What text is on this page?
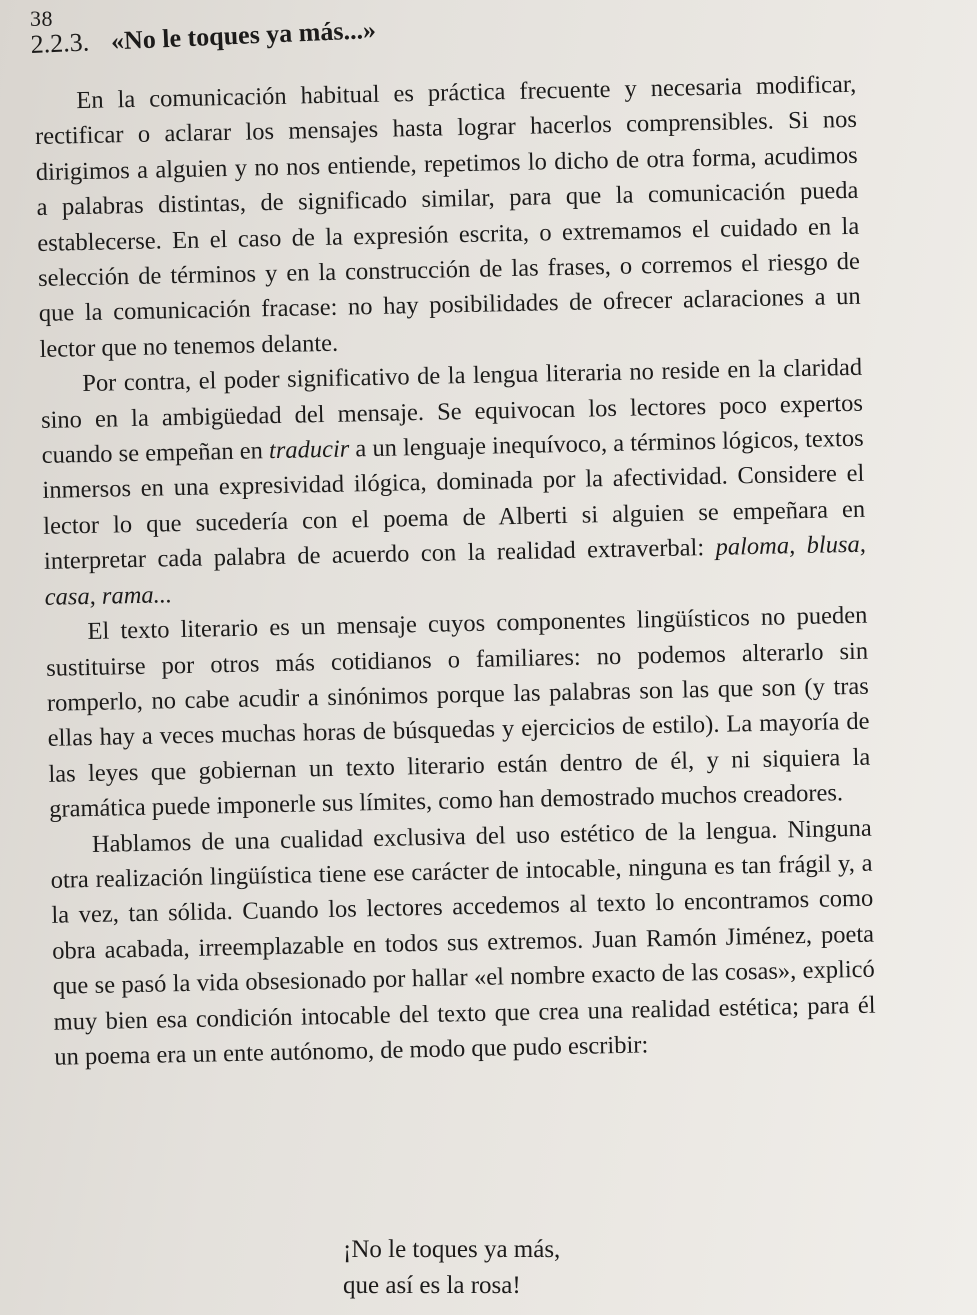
38
2.2.3. «No le toques ya más...»

En la comunicación habitual es práctica frecuente y necesaria modificar, rectificar o aclarar los mensajes hasta lograr hacerlos comprensibles. Si nos dirigimos a alguien y no nos entiende, repetimos lo dicho de otra forma, acudimos a palabras distintas, de significado similar, para que la comunicación pueda establecerse. En el caso de la expresión escrita, o extremamos el cuidado en la selección de términos y en la construcción de las frases, o corremos el riesgo de que la comunicación fracase: no hay posibilidades de ofrecer aclaraciones a un lector que no tenemos delante.

Por contra, el poder significativo de la lengua literaria no reside en la claridad sino en la ambigüedad del mensaje. Se equivocan los lectores poco expertos cuando se empeñan en traducir a un lenguaje inequívoco, a términos lógicos, textos inmersos en una expresividad ilógica, dominada por la afectividad. Considere el lector lo que sucedería con el poema de Alberti si alguien se empeñara en interpretar cada palabra de acuerdo con la realidad extraverbal: paloma, blusa, casa, rama...

El texto literario es un mensaje cuyos componentes lingüísticos no pueden sustituirse por otros más cotidianos o familiares: no podemos alterarlo sin romperlo, no cabe acudir a sinónimos porque las palabras son las que son (y tras ellas hay a veces muchas horas de búsquedas y ejercicios de estilo). La mayoría de las leyes que gobiernan un texto literario están dentro de él, y ni siquiera la gramática puede imponerle sus límites, como han demostrado muchos creadores.

Hablamos de una cualidad exclusiva del uso estético de la lengua. Ninguna otra realización lingüística tiene ese carácter de intocable, ninguna es tan frágil y, a la vez, tan sólida. Cuando los lectores accedemos al texto lo encontramos como obra acabada, irreemplazable en todos sus extremos. Juan Ramón Jiménez, poeta que se pasó la vida obsesionado por hallar «el nombre exacto de las cosas», explicó muy bien esa condición intocable del texto que crea una realidad estética; para él un poema era un ente autónomo, de modo que pudo escribir:

¡No le toques ya más,
que así es la rosa!
